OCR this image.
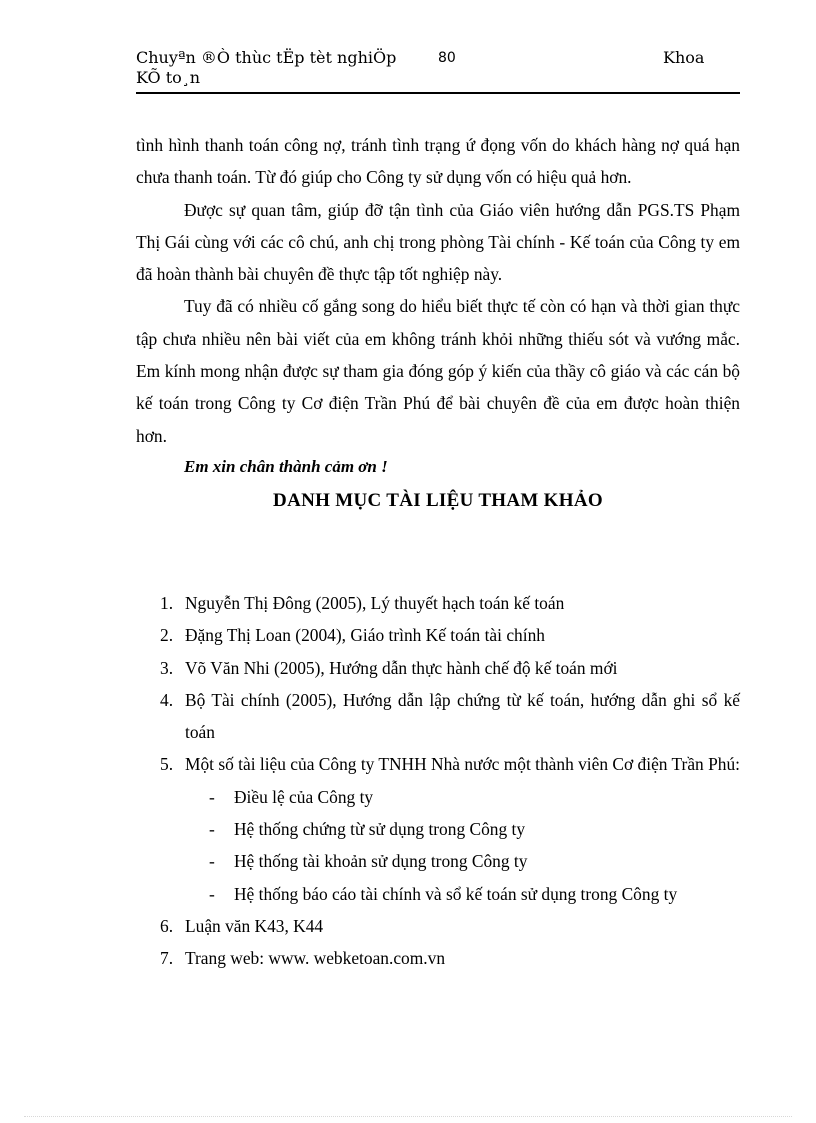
Chuyªn ®Ò thùc tËp tèt nghiÖp KÕ to¸n
80	Khoa

tình hình thanh toán công nợ, tránh tình trạng ứ đọng vốn do khách hàng nợ quá hạn chưa thanh toán. Từ đó giúp cho Công ty sử dụng vốn có hiệu quả hơn.

Được sự quan tâm, giúp đỡ tận tình của Giáo viên hướng dẫn PGS.TS Phạm Thị Gái cùng với các cô chú, anh chị trong phòng Tài chính - Kế toán của Công ty em đã hoàn thành bài chuyên đề thực tập tốt nghiệp này.

Tuy đã có nhiều cố gắng song do hiểu biết thực tế còn có hạn và thời gian thực tập chưa nhiều nên bài viết của em không tránh khỏi những thiếu sót và vướng mắc. Em kính mong nhận được sự tham gia đóng góp ý kiến của thầy cô giáo và các cán bộ kế toán trong Công ty Cơ điện Trần Phú để bài chuyên đề của em được hoàn thiện hơn.

Em xin chân thành cảm ơn !

DANH MỤC TÀI LIỆU THAM KHẢO
1. Nguyễn Thị Đông (2005), Lý thuyết hạch toán kế toán
2. Đặng Thị Loan (2004), Giáo trình Kế toán tài chính
3. Võ Văn Nhi (2005), Hướng dẫn thực hành chế độ kế toán mới
4. Bộ Tài chính (2005), Hướng dẫn lập chứng từ kế toán, hướng dẫn ghi sổ kế toán
5. Một số tài liệu của Công ty TNHH Nhà nước một thành viên Cơ điện Trần Phú:
- Điều lệ của Công ty
- Hệ thống chứng từ sử dụng trong Công ty
- Hệ thống tài khoản sử dụng trong Công ty
- Hệ thống báo cáo tài chính và sổ kế toán sử dụng trong Công ty
6. Luận văn K43, K44
7. Trang web: www. webketoan.com.vn
